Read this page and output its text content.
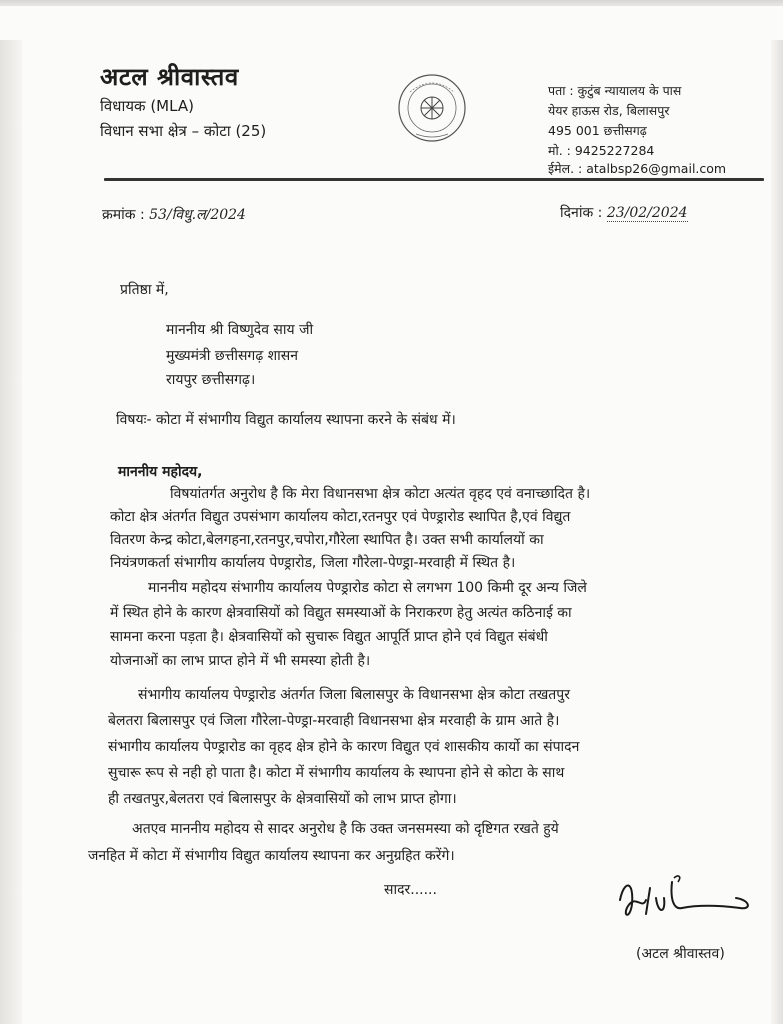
अटल श्रीवास्तव
विधायक (MLA)
विधान सभा क्षेत्र – कोटा (25)
पता : कुटुंब न्यायालय के पास
येयर हाऊस रोड, बिलासपुर
495 001 छत्तीसगढ़
मो. : 9425227284
ईमेल. : atalbsp26@gmail.com
क्रमांक : 53/विधु.ल/2024	दिनांक : 23/02/2024
प्रतिष्ठा में,
माननीय श्री विष्णुदेव साय जी
मुख्यमंत्री छत्तीसगढ़ शासन
रायपुर छत्तीसगढ़।
विषयः- कोटा में संभागीय विद्युत कार्यालय स्थापना करने के संबंध में।
माननीय महोदय,
विषयांतर्गत अनुरोध है कि मेरा विधानसभा क्षेत्र कोटा अत्यंत वृहद एवं वनाच्छादित है।
कोटा क्षेत्र अंतर्गत विद्युत उपसंभाग कार्यालय कोटा,रतनपुर एवं पेण्ड्रारोड स्थापित है,एवं विद्युत
वितरण केन्द्र कोटा,बेलगहना,रतनपुर,चपोरा,गौरेला स्थापित है। उक्त सभी कार्यालयों का
नियंत्रणकर्ता संभागीय कार्यालय पेण्ड्रारोड, जिला गौरेला-पेण्ड्रा-मरवाही में स्थित है।
माननीय महोदय संभागीय कार्यालय पेण्ड्रारोड कोटा से लगभग 100 किमी दूर अन्य जिले
में स्थित होने के कारण क्षेत्रवासियों को विद्युत समस्याओं के निराकरण हेतु अत्यंत कठिनाई का
सामना करना पड़ता है। क्षेत्रवासियों को सुचारू विद्युत आपूर्ति प्राप्त होने एवं विद्युत संबंधी
योजनाओं का लाभ प्राप्त होने में भी समस्या होती है।
संभागीय कार्यालय पेण्ड्रारोड अंतर्गत जिला बिलासपुर के विधानसभा क्षेत्र कोटा तखतपुर
बेलतरा बिलासपुर एवं जिला गौरेला-पेण्ड्रा-मरवाही विधानसभा क्षेत्र मरवाही के ग्राम आते है।
संभागीय कार्यालय पेण्ड्रारोड का वृहद क्षेत्र होने के कारण विद्युत एवं शासकीय कार्यो का संपादन
सुचारू रूप से नही हो पाता है। कोटा में संभागीय कार्यालय के स्थापना होने से कोटा के साथ
ही तखतपुर,बेलतरा एवं बिलासपुर के क्षेत्रवासियों को लाभ प्राप्त होगा।
अतएव माननीय महोदय से सादर अनुरोध है कि उक्त जनसमस्या को दृष्टिगत रखते हुये
जनहित में कोटा में संभागीय विद्युत कार्यालय स्थापना कर अनुग्रहित करेंगे।
सादर......
(अटल श्रीवास्तव)
